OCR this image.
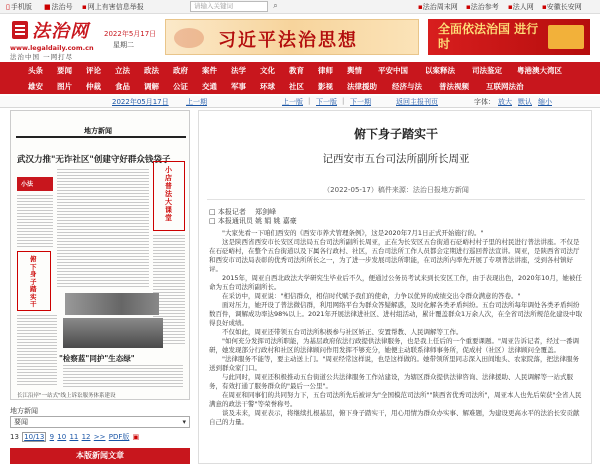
▯手机版 ■法治号 ▪网上有害信息举报	请输入关键词	⌕	▪法治周末网 ▪法治参考 ▪法人网 ▪安徽长安网
法治网
www.legaldaily.com.cn
法治中国 一网打尽
2022年5月17日
星期二	习近平法治思想
全面依法治国 进行时
头条 要闻 评论 立法 政法 政府 案件 法学 文化 教育 律师 舆情 平安中国 以案释法 司法鉴定 粤港澳大湾区
雄安 图片 仲裁 食品 调解 公证 交通 军事 环球 社区 影视 法律援助 经济与法 普法视频 互联网法治
2022年05月17日 上一期	上一版 | 下一版 | 下一期	返回主报刊页	字体： 放大 默认 缩小
地方新闻
武汉力推"无诈社区"创建守好群众钱袋子
小法
小店普法大课堂
俯下身子踏实干
"检察蓝"同护"生态绿"
长江沿岸"一站式"线上诉讼服务体系建设
地方新闻
要闻	▾
13 10/13 9 10 11 12 >> PDF版 ▣
本版新闻文章
俯下身子踏实干
记西安市五台司法所副所长周亚
（2022-05-17）稿件来源：法治日报地方新闻
□ 本报记者　 郑剑峰
□ 本报通讯员 姚 娟 姚 嘉豪

"大家先看一下咱们西安的《西安市养犬管理条例》，这是2020年7月1日正式开始施行的。"

这是陕西省西安市长安区司法局五台司法所副所长周亚，正在为长安区五台街道石砭峪村村子里的村民进行普法讲座。不仅是在石砭峪村，在整个五台街道以及下属各行政村、社区，五台司法所工作人员都会定期进行巡回普法宣讲。周亚，是陕西省司法厅和西安市司法局表彰的优秀司法所所长之一，为了进一步发展司法所职能，在司法所内率先开展了专项普法讲座，受到各村镇好评。

2015年，周亚自西北政法大学研究生毕业后不久，便通过公务员考试来到长安区工作，由于表现出色，2020年10月，她被任命为五台司法所副所长。

在采访中，周亚说："相信群众，相信时代赋予我们的使命，力争以优异的成绩交出令群众满意的答卷。"

面对压力，她开设了普法微信群，利用网络平台为群众答疑解惑，及时化解各类矛盾纠纷。五台司法所每年调处各类矛盾纠纷数百件，调解成功率达98%以上。2021年开展法律进社区、进村组活动，累计覆盖群众1万余人次，在全省司法所规范化建设中取得良好成绩。

不仅如此，周亚还带领五台司法所积极参与社区矫正、安置帮教、人民调解等工作。

"如何充分发挥司法所职能，为基层政府依法行政提供法律服务，也是我上任后的一个重要课题。"周亚告诉记者，经过一番调研，她发现部分行政村和社区的法律顾问作用发挥不够充分，她便主动联系律师事务所，促成村（社区）法律顾问全覆盖。

"法律服务不能等，要主动送上门。"周亚经常这样说，也是这样做的。她带领所里同志深入田间地头、农家院落，把法律服务送到群众家门口。

与此同时，周亚还积极推动五台街道公共法律服务工作站建设，为辖区群众提供法律咨询、法律援助、人民调解等一站式服务，有效打通了服务群众的"最后一公里"。

在周亚和同事们的共同努力下，五台司法所先后被评为"全国模范司法所""陕西省优秀司法所"，周亚本人也先后荣获"全省人民满意的政法干警"等荣誉称号。

谈及未来，周亚表示，将继续扎根基层，俯下身子踏实干，用心用情为群众办实事、解难题，为建设更高水平的法治长安贡献自己的力量。
